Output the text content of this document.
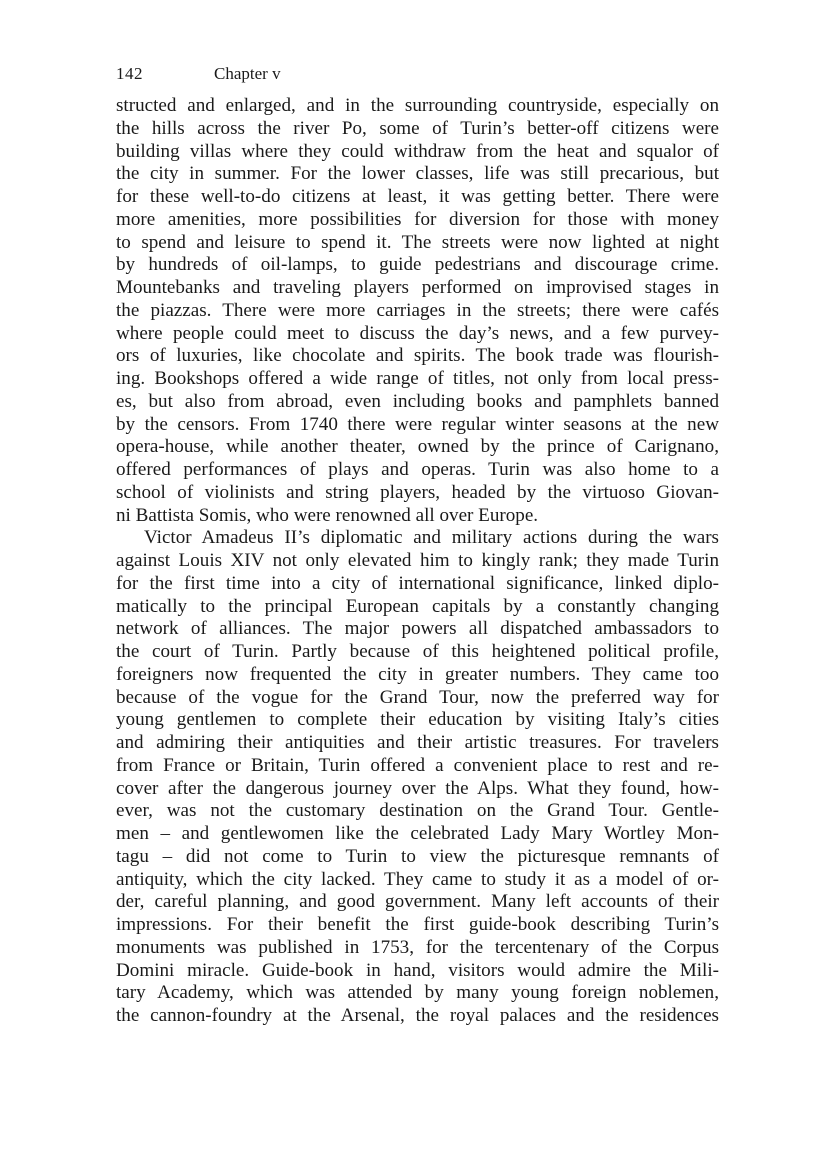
142	Chapter v
structed and enlarged, and in the surrounding countryside, especially on
the hills across the river Po, some of Turin’s better-off citizens were
building villas where they could withdraw from the heat and squalor of
the city in summer. For the lower classes, life was still precarious, but
for these well-to-do citizens at least, it was getting better. There were
more amenities, more possibilities for diversion for those with money
to spend and leisure to spend it. The streets were now lighted at night
by hundreds of oil-lamps, to guide pedestrians and discourage crime.
Mountebanks and traveling players performed on improvised stages in
the piazzas. There were more carriages in the streets; there were cafés
where people could meet to discuss the day’s news, and a few purvey-
ors of luxuries, like chocolate and spirits. The book trade was flourish-
ing. Bookshops offered a wide range of titles, not only from local press-
es, but also from abroad, even including books and pamphlets banned
by the censors. From 1740 there were regular winter seasons at the new
opera-house, while another theater, owned by the prince of Carignano,
offered performances of plays and operas. Turin was also home to a
school of violinists and string players, headed by the virtuoso Giovan-
ni Battista Somis, who were renowned all over Europe.
Victor Amadeus II’s diplomatic and military actions during the wars
against Louis XIV not only elevated him to kingly rank; they made Turin
for the first time into a city of international significance, linked diplo-
matically to the principal European capitals by a constantly changing
network of alliances. The major powers all dispatched ambassadors to
the court of Turin. Partly because of this heightened political profile,
foreigners now frequented the city in greater numbers. They came too
because of the vogue for the Grand Tour, now the preferred way for
young gentlemen to complete their education by visiting Italy’s cities
and admiring their antiquities and their artistic treasures. For travelers
from France or Britain, Turin offered a convenient place to rest and re-
cover after the dangerous journey over the Alps. What they found, how-
ever, was not the customary destination on the Grand Tour. Gentle-
men – and gentlewomen like the celebrated Lady Mary Wortley Mon-
tagu – did not come to Turin to view the picturesque remnants of
antiquity, which the city lacked. They came to study it as a model of or-
der, careful planning, and good government. Many left accounts of their
impressions. For their benefit the first guide-book describing Turin’s
monuments was published in 1753, for the tercentenary of the Corpus
Domini miracle. Guide-book in hand, visitors would admire the Mili-
tary Academy, which was attended by many young foreign noblemen,
the cannon-foundry at the Arsenal, the royal palaces and the residences
